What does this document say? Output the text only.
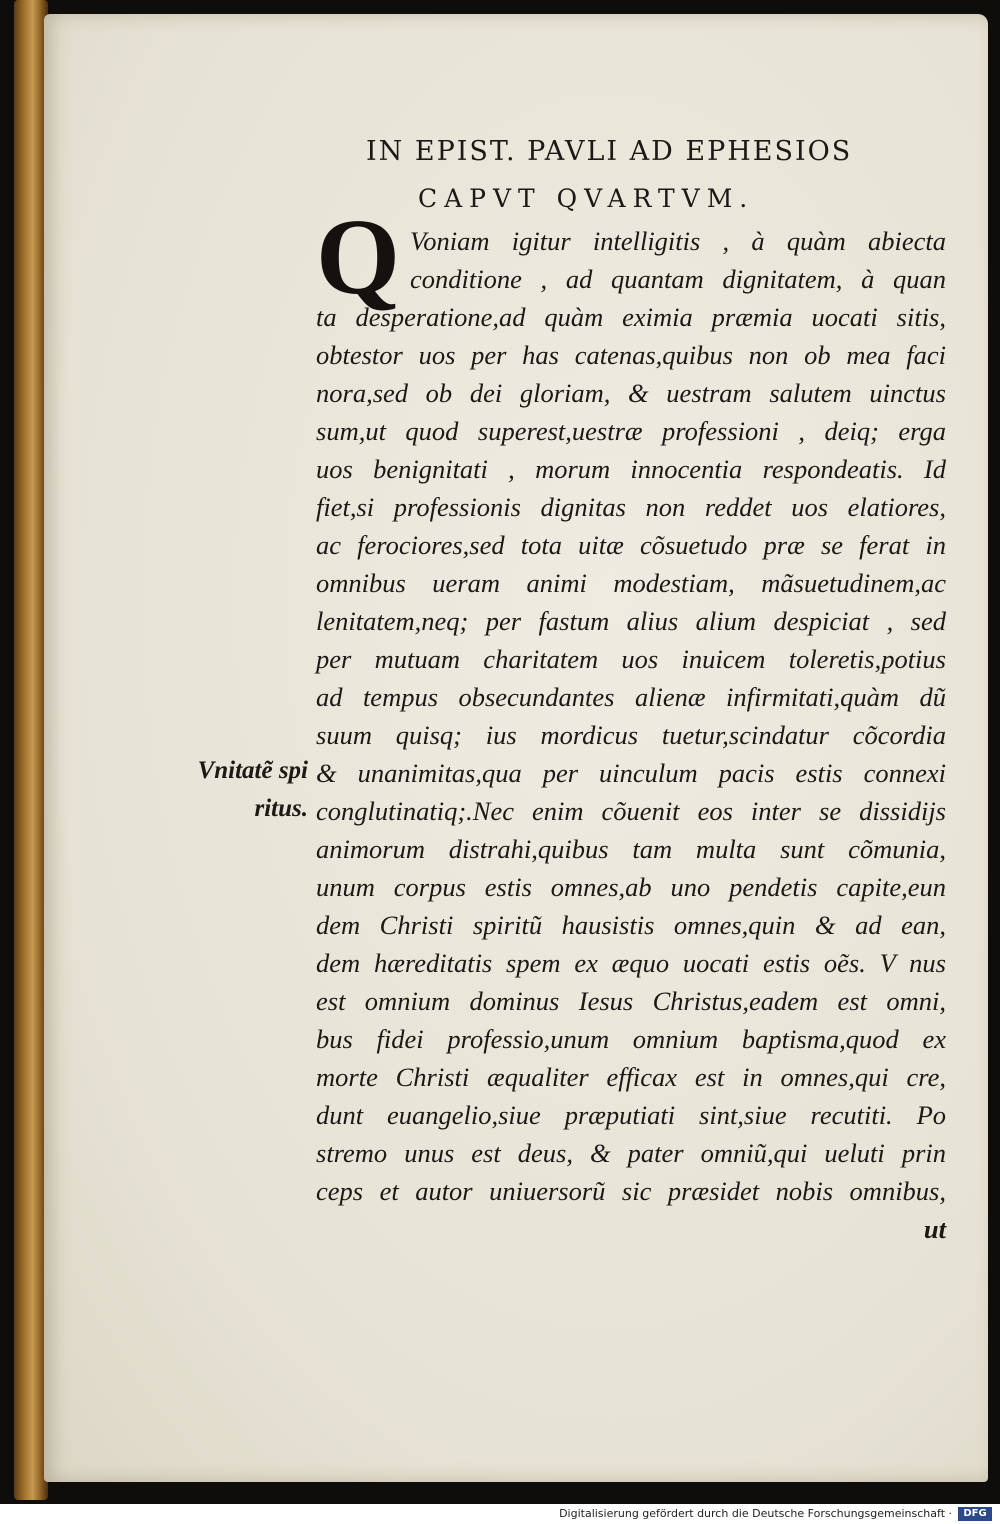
IN EPIST. PAVLI AD EPHESIOS
CAPVT QVARTVM.
Q Voniam igitur intelligitis , à quàm abiecta
conditione , ad quantam dignitatem, à quan
ta desperatione,ad quàm eximia præmia uocati sitis,
obtestor uos per has catenas,quibus non ob mea faci
nora,sed ob dei gloriam, & uestram salutem uinctus
sum,ut quod superest,uestræ professioni , deiq; erga
uos benignitati , morum innocentia respondeatis. Id
fiet,si professionis dignitas non reddet uos elatiores,
ac ferociores,sed tota uitæ cõsuetudo præ se ferat in
omnibus ueram animi modestiam, mãsuetudinem,ac
lenitatem,neq; per fastum alius alium despiciat , sed
per mutuam charitatem uos inuicem toleretis,potius
ad tempus obsecundantes alienæ infirmitati,quàm dũ
suum quisq; ius mordicus tuetur,scindatur cõcordia
& unanimitas,qua per uinculum pacis estis connexi
conglutinatiq;.Nec enim cõuenit eos inter se dissidijs
animorum distrahi,quibus tam multa sunt cõmunia,
unum corpus estis omnes,ab uno pendetis capite,eun
dem Christi spiritũ hausistis omnes,quin & ad ean,
dem hæreditatis spem ex æquo uocati estis oẽs. V nus
est omnium dominus Iesus Christus,eadem est omni,
bus fidei professio,unum omnium baptisma,quod ex
morte Christi æqualiter efficax est in omnes,qui cre,
dunt euangelio,siue præputiati sint,siue recutiti. Po
stremo unus est deus, & pater omniũ,qui ueluti prin
ceps et autor uniuersorũ sic præsidet nobis omnibus,
ut
Vnitatẽ spi
ritus.
Digitalisierung gefördert durch die Deutsche Forschungsgemeinschaft ·	DFG
